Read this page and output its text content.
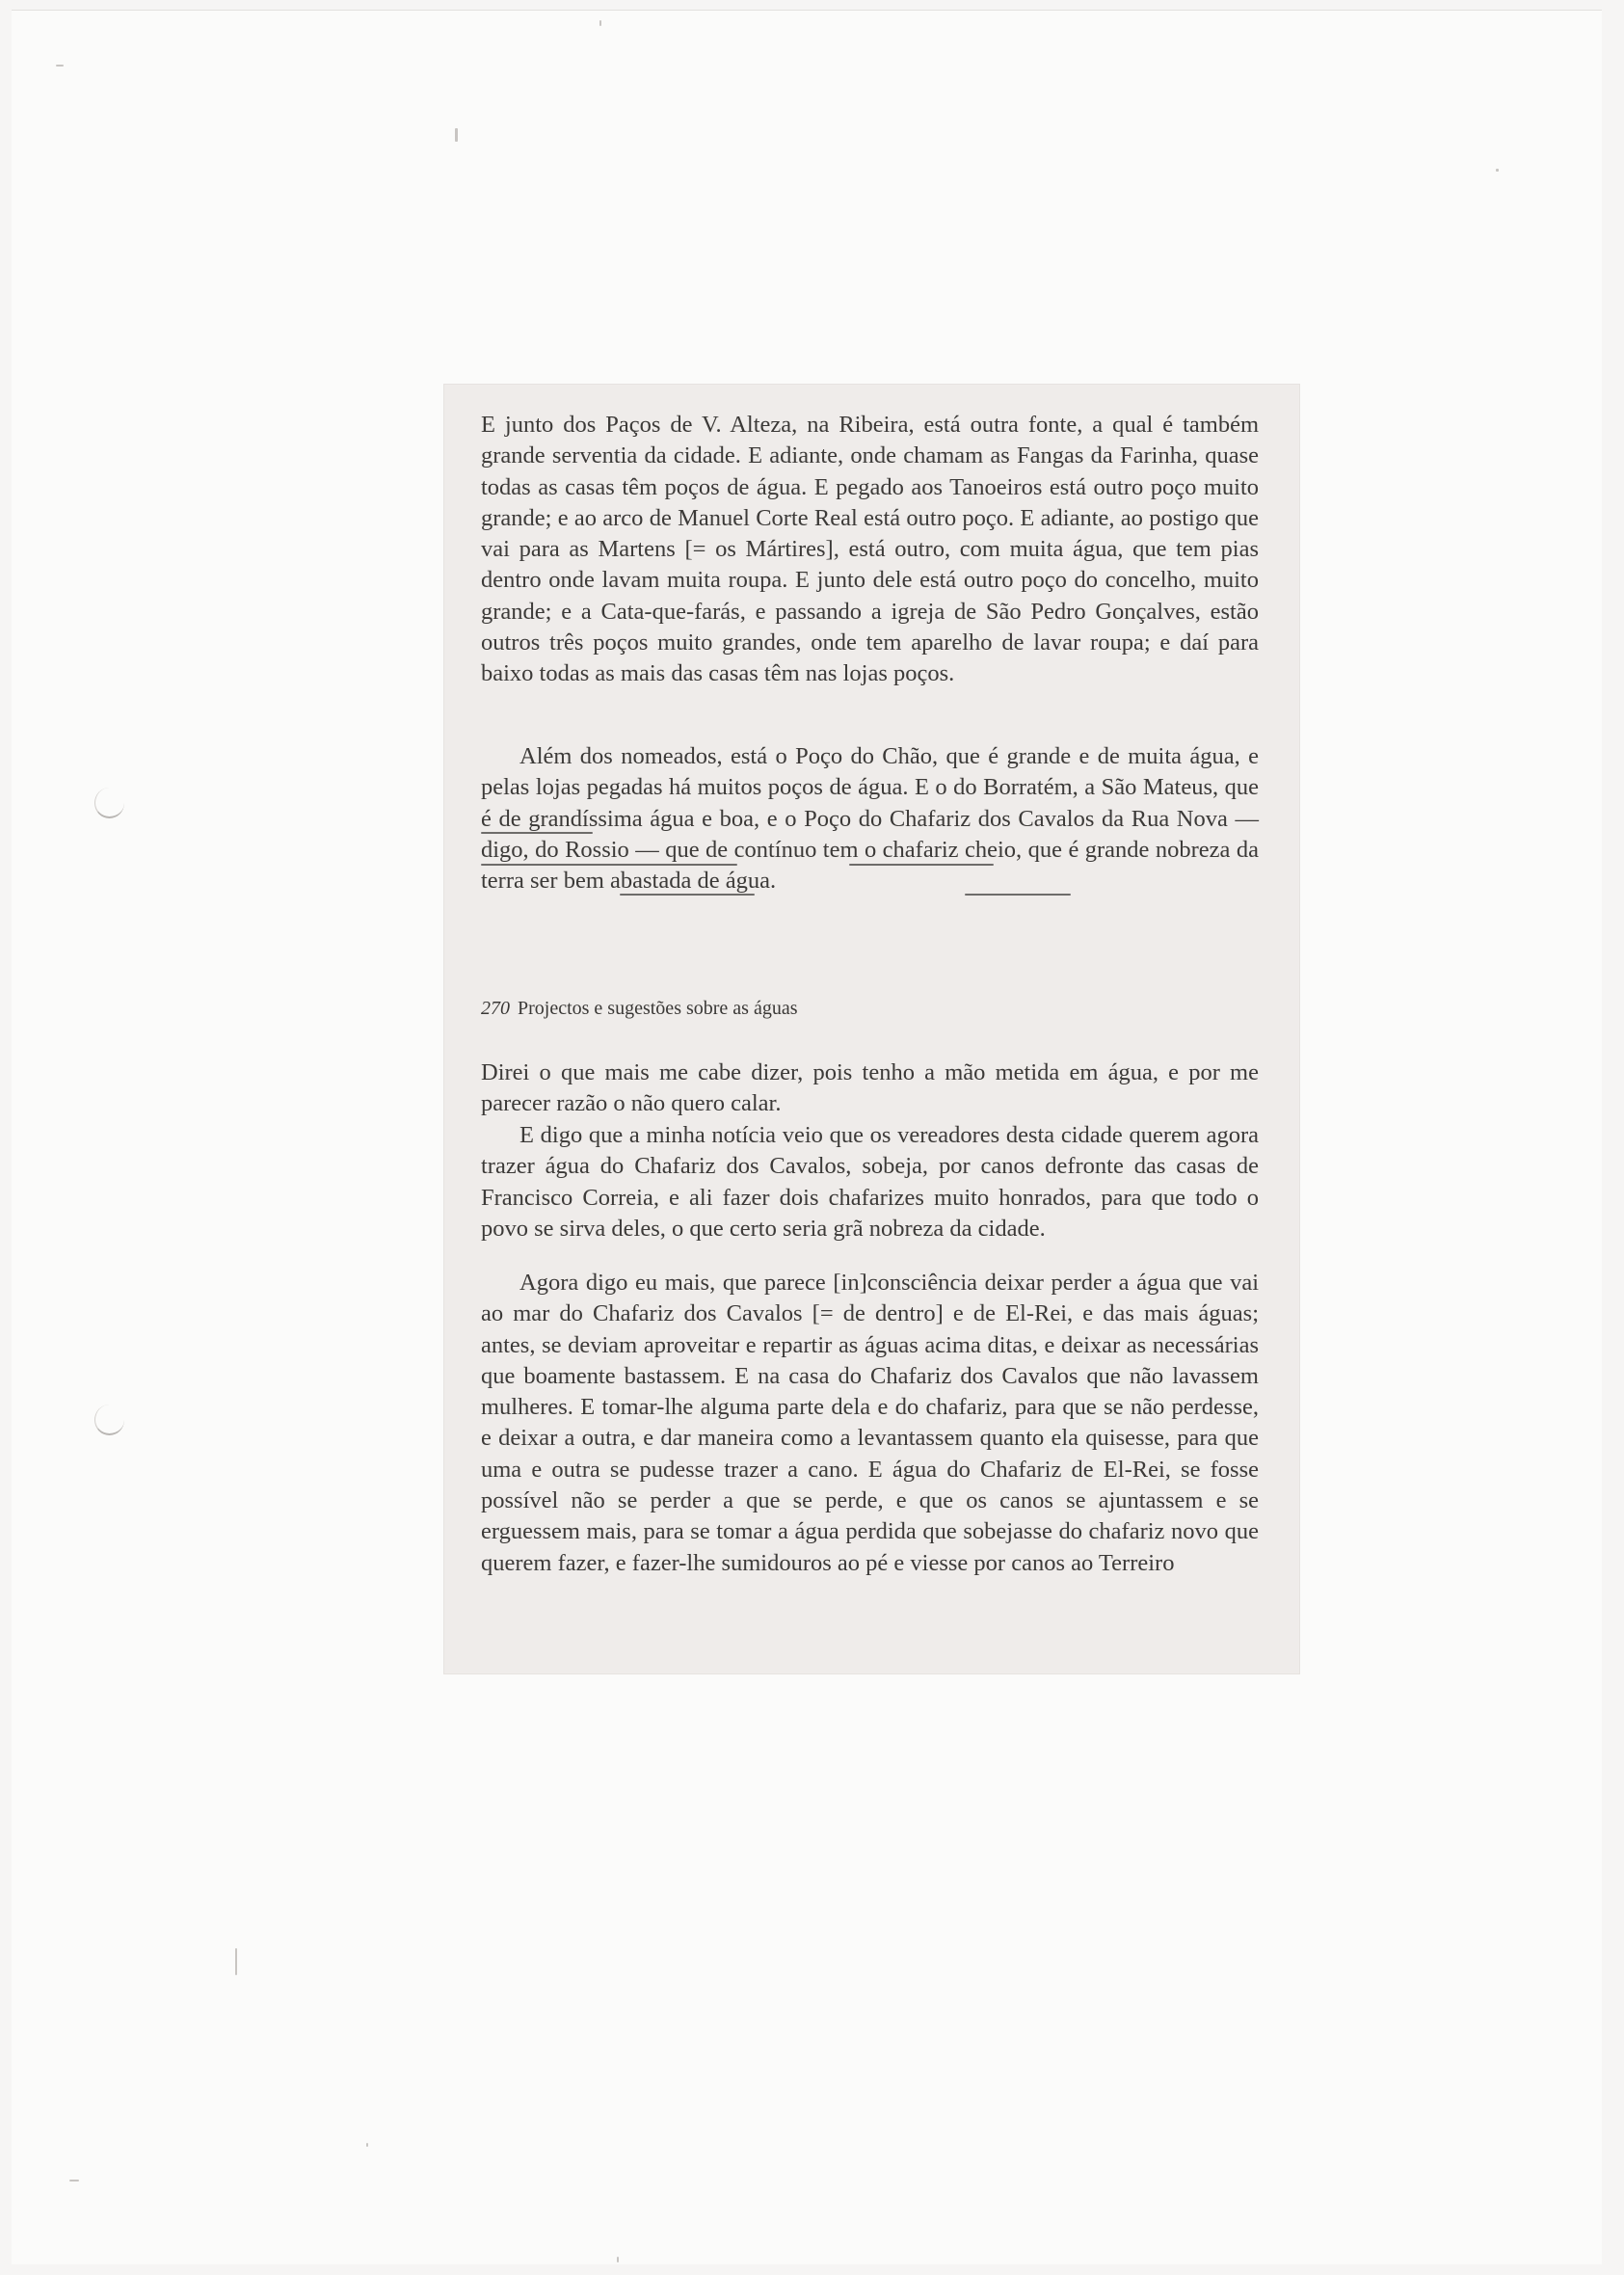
E junto dos Paços de V. Alteza, na Ribeira, está outra fonte, a qual é também grande serventia da cidade. E adiante, onde chamam as Fangas da Farinha, quase todas as casas têm poços de água. E pegado aos Tanoeiros está outro poço muito grande; e ao arco de Manuel Corte Real está outro poço. E adiante, ao postigo que vai para as Martens [= os Mártires], está outro, com muita água, que tem pias dentro onde lavam muita roupa. E junto dele está outro poço do concelho, muito grande; e a Cata-que-farás, e passando a igreja de São Pedro Gonçalves, estão outros três poços muito grandes, onde tem aparelho de lavar roupa; e daí para baixo todas as mais das casas têm nas lojas poços.

Além dos nomeados, está o Poço do Chão, que é grande e de muita água, e pelas lojas pegadas há muitos poços de água. E o do Borratém, a São Mateus, que é de grandíssima água e boa, e o Poço do Chafariz dos Cavalos da Rua Nova — digo, do Rossio — que de contínuo tem o chafariz cheio, que é grande nobreza da terra ser bem abastada de água.

270 Projectos e sugestões sobre as águas

Direi o que mais me cabe dizer, pois tenho a mão metida em água, e por me parecer razão o não quero calar.

E digo que a minha notícia veio que os vereadores desta cidade querem agora trazer água do Chafariz dos Cavalos, sobeja, por canos defronte das casas de Francisco Correia, e ali fazer dois chafarizes muito honrados, para que todo o povo se sirva deles, o que certo seria grã nobreza da cidade.

Agora digo eu mais, que parece [in]consciência deixar perder a água que vai ao mar do Chafariz dos Cavalos [= de dentro] e de El-Rei, e das mais águas; antes, se deviam aproveitar e repartir as águas acima ditas, e deixar as necessárias que boamente bastassem. E na casa do Chafariz dos Cavalos que não lavassem mulheres. E tomar-lhe alguma parte dela e do chafariz, para que se não perdesse, e deixar a outra, e dar maneira como a levantassem quanto ela quisesse, para que uma e outra se pudesse trazer a cano. E água do Chafariz de El-Rei, se fosse possível não se perder a que se perde, e que os canos se ajuntassem e se erguessem mais, para se tomar a água perdida que sobejasse do chafariz novo que querem fazer, e fazer-lhe sumidouros ao pé e viesse por canos ao Terreiro
